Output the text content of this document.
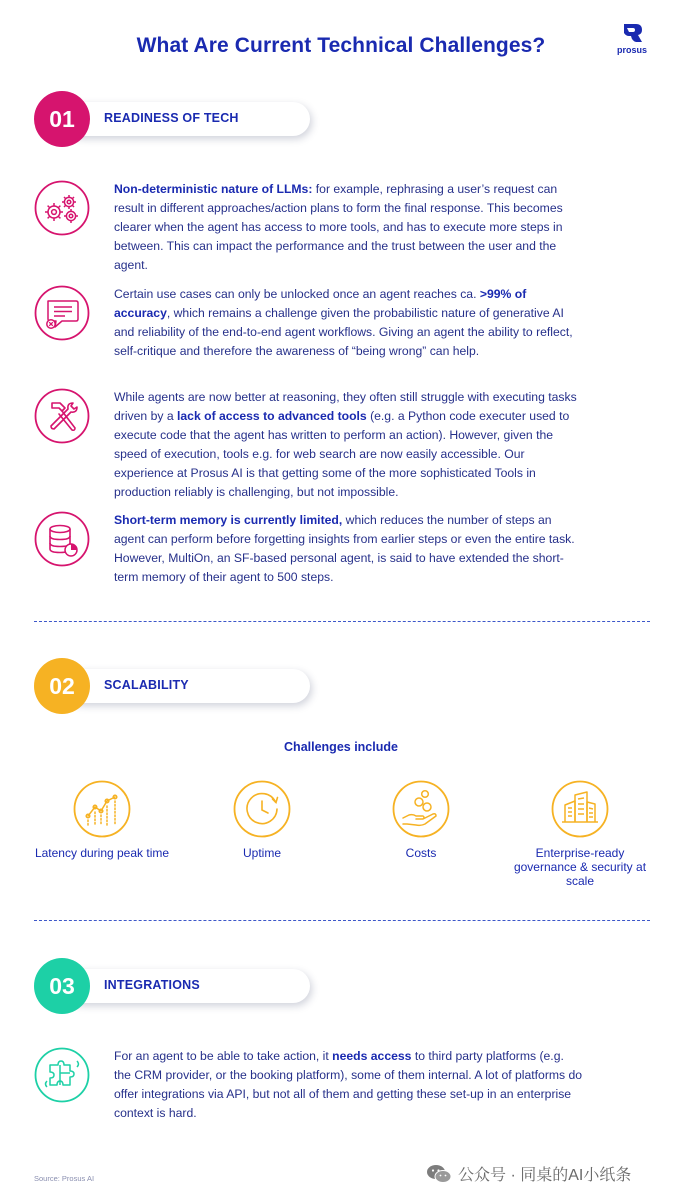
What Are Current Technical Challenges?	prosus
READINESS OF TECH
01
Non-deterministic nature of LLMs: for example, rephrasing a user’s request can result in different approaches/action plans to form the final response. This becomes clearer when the agent has access to more tools, and has to execute more steps in between. This can impact the performance and the trust between the user and the agent.
Certain use cases can only be unlocked once an agent reaches ca. >99% of accuracy, which remains a challenge given the probabilistic nature of generative AI and reliability of the end-to-end agent workflows. Giving an agent the ability to reflect, self-critique and therefore the awareness of “being wrong” can help.
While agents are now better at reasoning, they often still struggle with executing tasks driven by a lack of access to advanced tools (e.g. a Python code executer used to execute code that the agent has written to perform an action). However, given the speed of execution, tools e.g. for web search are now easily accessible. Our experience at Prosus AI is that getting some of the more sophisticated Tools in production reliably is challenging, but not impossible.
Short-term memory is currently limited, which reduces the number of steps an agent can perform before forgetting insights from earlier steps or even the entire task. However, MultiOn, an SF-based personal agent, is said to have extended the short-term memory of their agent to 500 steps.
SCALABILITY
02
Challenges include
Latency during peak time	Uptime	Costs	Enterprise-ready governance & security at scale
INTEGRATIONS
03
For an agent to be able to take action, it needs access to third party platforms (e.g. the CRM provider, or the booking platform), some of them internal. A lot of platforms do offer integrations via API, but not all of them and getting these set-up in an enterprise context is hard.
Source: Prosus AI	公众号 · 同桌的AI小纸条
